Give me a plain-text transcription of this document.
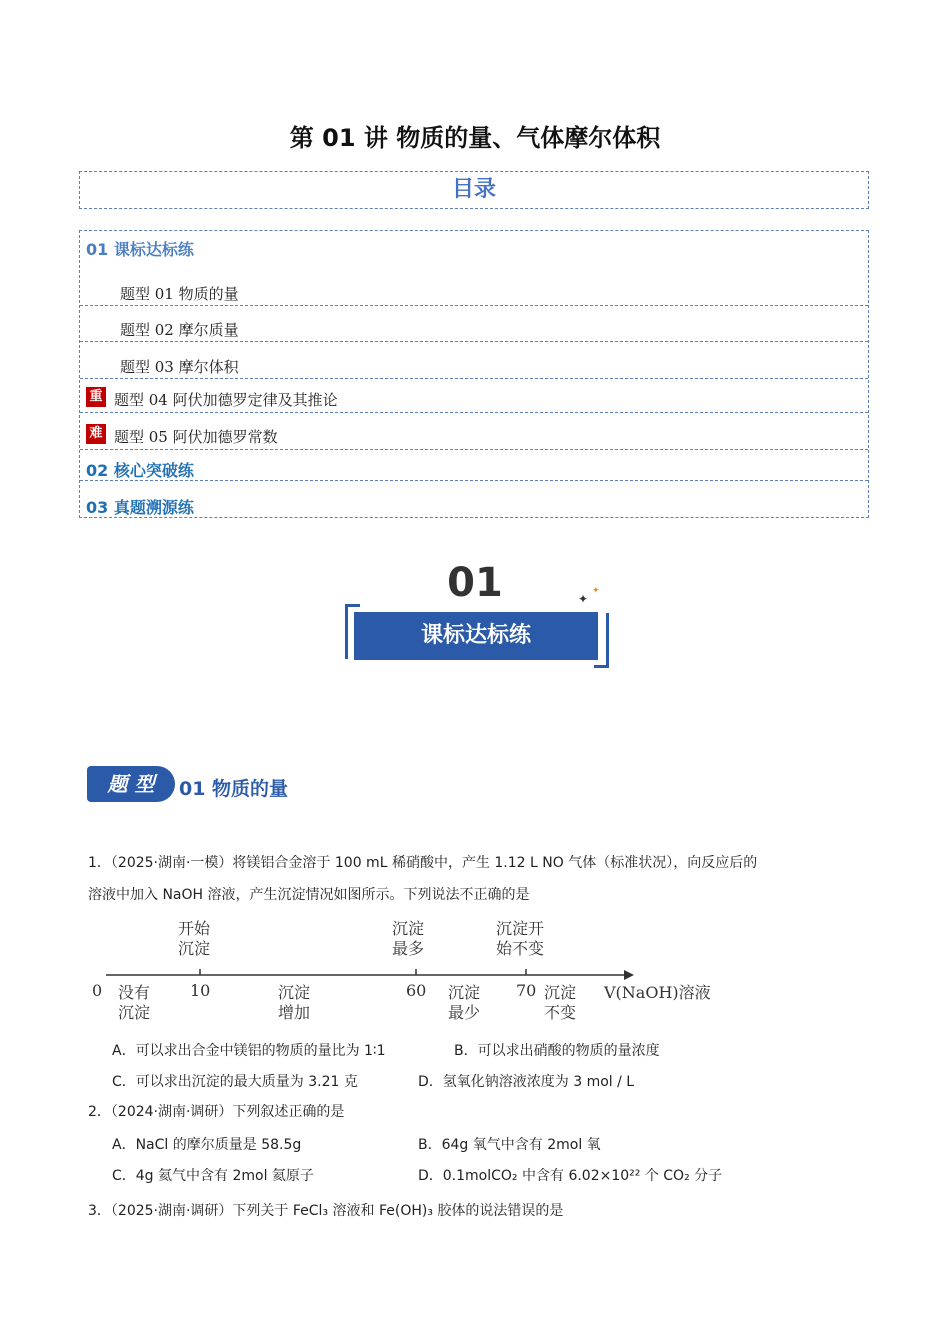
第 01 讲 物质的量、气体摩尔体积
目录
01 课标达标练
题型 01 物质的量
题型 02 摩尔质量
题型 03 摩尔体积
重 题型 04 阿伏加德罗定律及其推论
难 题型 05 阿伏加德罗常数
02 核心突破练
03 真题溯源练
01	✦
✦
课标达标练
题 型	01 物质的量
1．（2025·湖南·一模）将镁铝合金溶于 100 mL 稀硝酸中，产生 1.12 L NO 气体（标准状况），向反应后的
溶液中加入 NaOH 溶液，产生沉淀情况如图所示。下列说法不正确的是
开始
沉淀
沉淀
最多
沉淀开
始不变
0	10	60	70
没有
沉淀
沉淀
增加
沉淀
最少
沉淀
不变
V(NaOH)溶液
A．可以求出合金中镁铝的物质的量比为 1∶1	B．可以求出硝酸的物质的量浓度
C．可以求出沉淀的最大质量为 3.21 克	D．氢氧化钠溶液浓度为 3 mol / L
2．（2024·湖南·调研）下列叙述正确的是
A．NaCl 的摩尔质量是 58.5g	B．64g 氧气中含有 2mol 氧
C．4g 氦气中含有 2mol 氦原子	D．0.1molCO₂ 中含有 6.02×10²² 个 CO₂ 分子
3．（2025·湖南·调研）下列关于 FeCl₃ 溶液和 Fe(OH)₃ 胶体的说法错误的是
